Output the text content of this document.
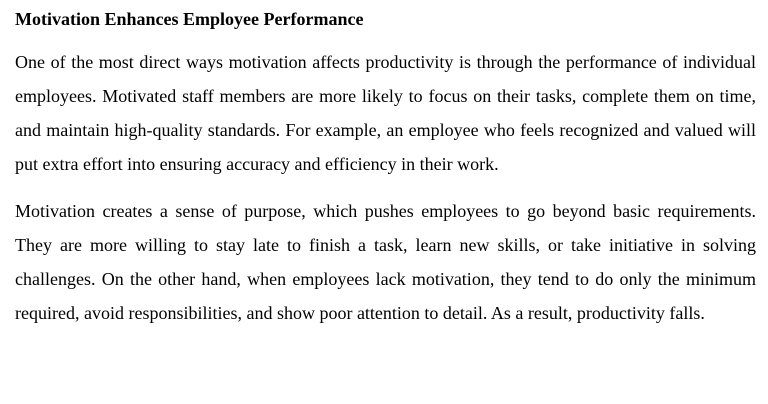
Motivation Enhances Employee Performance

One of the most direct ways motivation affects productivity is through the performance of individual employees. Motivated staff members are more likely to focus on their tasks, complete them on time, and maintain high-quality standards. For example, an employee who feels recognized and valued will put extra effort into ensuring accuracy and efficiency in their work.

Motivation creates a sense of purpose, which pushes employees to go beyond basic requirements. They are more willing to stay late to finish a task, learn new skills, or take initiative in solving challenges. On the other hand, when employees lack motivation, they tend to do only the minimum required, avoid responsibilities, and show poor attention to detail. As a result, productivity falls.
